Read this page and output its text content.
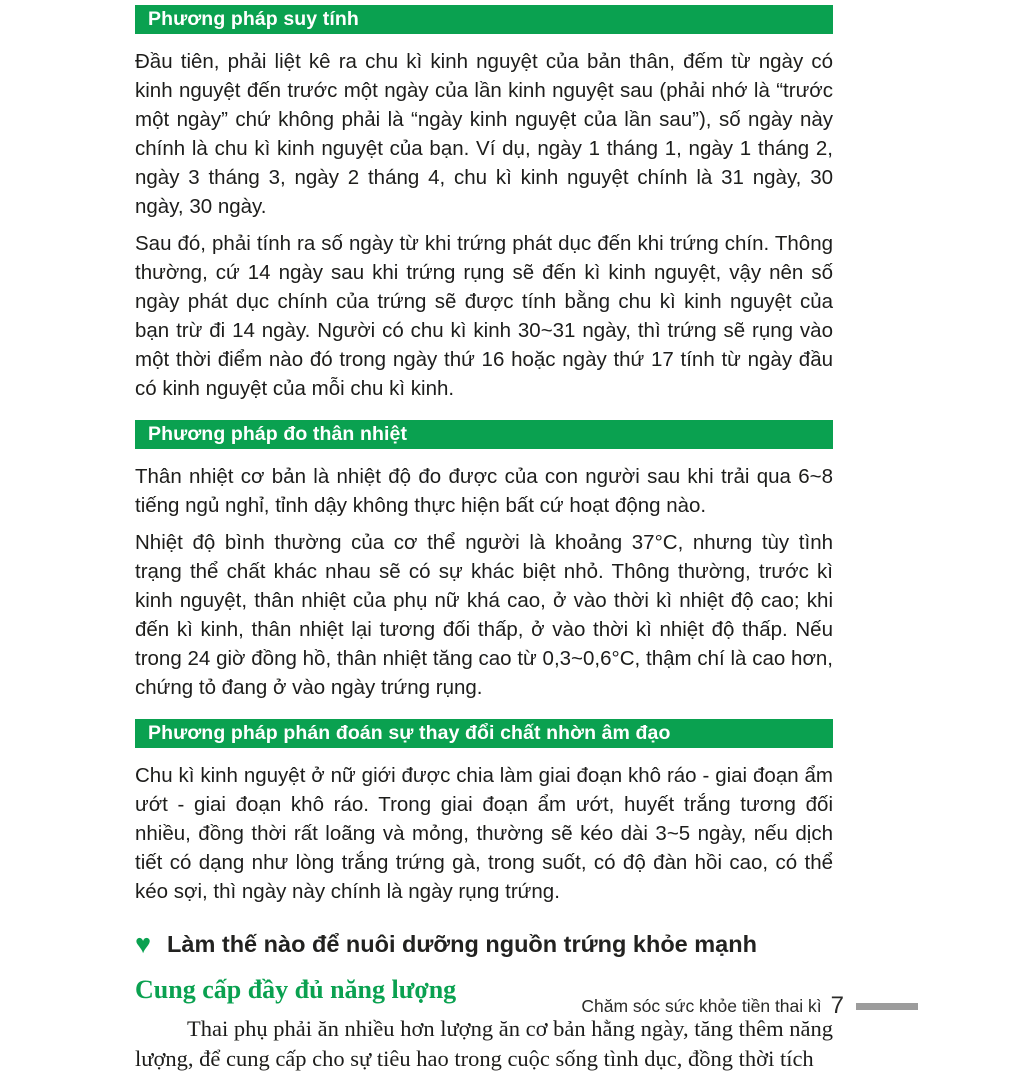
Phương pháp suy tính

Đầu tiên, phải liệt kê ra chu kì kinh nguyệt của bản thân, đếm từ ngày có kinh nguyệt đến trước một ngày của lần kinh nguyệt sau (phải nhớ là “trước một ngày” chứ không phải là “ngày kinh nguyệt của lần sau”), số ngày này chính là chu kì kinh nguyệt của bạn. Ví dụ, ngày 1 tháng 1, ngày 1 tháng 2, ngày 3 tháng 3, ngày 2 tháng 4, chu kì kinh nguyệt chính là 31 ngày, 30 ngày, 30 ngày.

Sau đó, phải tính ra số ngày từ khi trứng phát dục đến khi trứng chín. Thông thường, cứ 14 ngày sau khi trứng rụng sẽ đến kì kinh nguyệt, vậy nên số ngày phát dục chính của trứng sẽ được tính bằng chu kì kinh nguyệt của bạn trừ đi 14 ngày. Người có chu kì kinh 30~31 ngày, thì trứng sẽ rụng vào một thời điểm nào đó trong ngày thứ 16 hoặc ngày thứ 17 tính từ ngày đầu có kinh nguyệt của mỗi chu kì kinh.

Phương pháp đo thân nhiệt

Thân nhiệt cơ bản là nhiệt độ đo được của con người sau khi trải qua 6~8 tiếng ngủ nghỉ, tỉnh dậy không thực hiện bất cứ hoạt động nào.

Nhiệt độ bình thường của cơ thể người là khoảng 37°C, nhưng tùy tình trạng thể chất khác nhau sẽ có sự khác biệt nhỏ. Thông thường, trước kì kinh nguyệt, thân nhiệt của phụ nữ khá cao, ở vào thời kì nhiệt độ cao; khi đến kì kinh, thân nhiệt lại tương đối thấp, ở vào thời kì nhiệt độ thấp. Nếu trong 24 giờ đồng hồ, thân nhiệt tăng cao từ 0,3~0,6°C, thậm chí là cao hơn, chứng tỏ đang ở vào ngày trứng rụng.

Phương pháp phán đoán sự thay đổi chất nhờn âm đạo

Chu kì kinh nguyệt ở nữ giới được chia làm giai đoạn khô ráo - giai đoạn ẩm ướt - giai đoạn khô ráo. Trong giai đoạn ẩm ướt, huyết trắng tương đối nhiều, đồng thời rất loãng và mỏng, thường sẽ kéo dài 3~5 ngày, nếu dịch tiết có dạng như lòng trắng trứng gà, trong suốt, có độ đàn hồi cao, có thể kéo sợi, thì ngày này chính là ngày rụng trứng.

♥ Làm thế nào để nuôi dưỡng nguồn trứng khỏe mạnh
Cung cấp đầy đủ năng lượng

Thai phụ phải ăn nhiều hơn lượng ăn cơ bản hằng ngày, tăng thêm năng lượng, để cung cấp cho sự tiêu hao trong cuộc sống tình dục, đồng thời tích

Chăm sóc sức khỏe tiền thai kì 7
